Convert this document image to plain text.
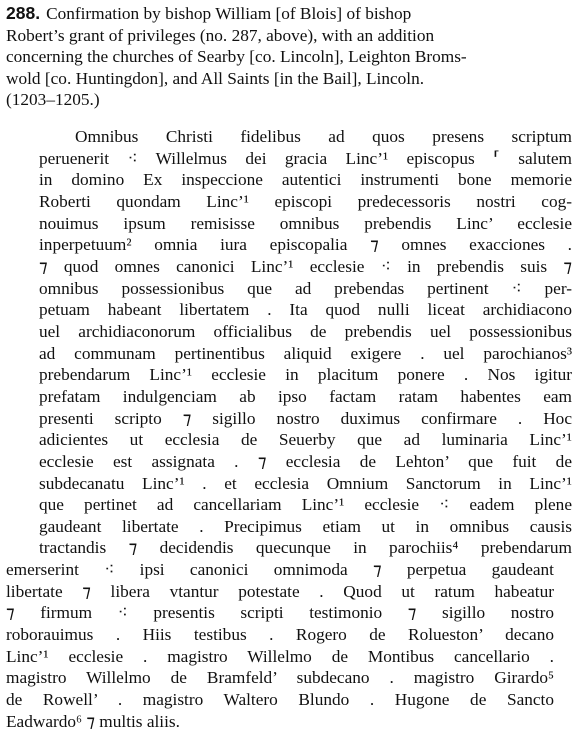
288. Confirmation by bishop William [of Blois] of bishop
Robert’s grant of privileges (no. 287, above), with an addition
concerning the churches of Searby [co. Lincoln], Leighton Broms-
wold [co. Huntingdon], and All Saints [in the Bail], Lincoln.
(1203–1205.)
Omnibus Christi fidelibus ad quos presens scriptum
peruenerit ⁖ Willelmus dei gracia Linc’¹ episcopus ⸢ salutem
in domino Ex inspeccione autentici instrumenti bone memorie
Roberti quondam Linc’¹ episcopi predecessoris nostri cog-
nouimus ipsum remisisse omnibus prebendis Linc’ ecclesie
inperpetuum² omnia iura episcopalia ⁊ omnes exacciones .
⁊ quod omnes canonici Linc’¹ ecclesie ⁖ in prebendis suis ⁊
omnibus possessionibus que ad prebendas pertinent ⁖ per-
petuam habeant libertatem . Ita quod nulli liceat archidiacono
uel archidiaconorum officialibus de prebendis uel possessionibus
ad communam pertinentibus aliquid exigere . uel parochianos³
prebendarum Linc’¹ ecclesie in placitum ponere . Nos igitur
prefatam indulgenciam ab ipso factam ratam habentes eam
presenti scripto ⁊ sigillo nostro duximus confirmare . Hoc
adicientes ut ecclesia de Seuerby que ad luminaria Linc’¹
ecclesie est assignata . ⁊ ecclesia de Lehton’ que fuit de
subdecanatu Linc’¹ . et ecclesia Omnium Sanctorum in Linc’¹
que pertinet ad cancellariam Linc’¹ ecclesie ⁖ eadem plene
gaudeant libertate . Precipimus etiam ut in omnibus causis
tractandis ⁊ decidendis quecunque in parochiis⁴ prebendarum
emerserint ⁖ ipsi canonici omnimoda ⁊ perpetua gaudeant
libertate ⁊ libera vtantur potestate . Quod ut ratum habeatur
⁊ firmum ⁖ presentis scripti testimonio ⁊ sigillo nostro
roborauimus . Hiis testibus . Rogero de Rolueston’ decano
Linc’¹ ecclesie . magistro Willelmo de Montibus cancellario .
magistro Willelmo de Bramfeld’ subdecano . magistro Girardo⁵
de Rowell’ . magistro Waltero Blundo . Hugone de Sancto
Eadwardo⁶ ⁊ multis aliis.
